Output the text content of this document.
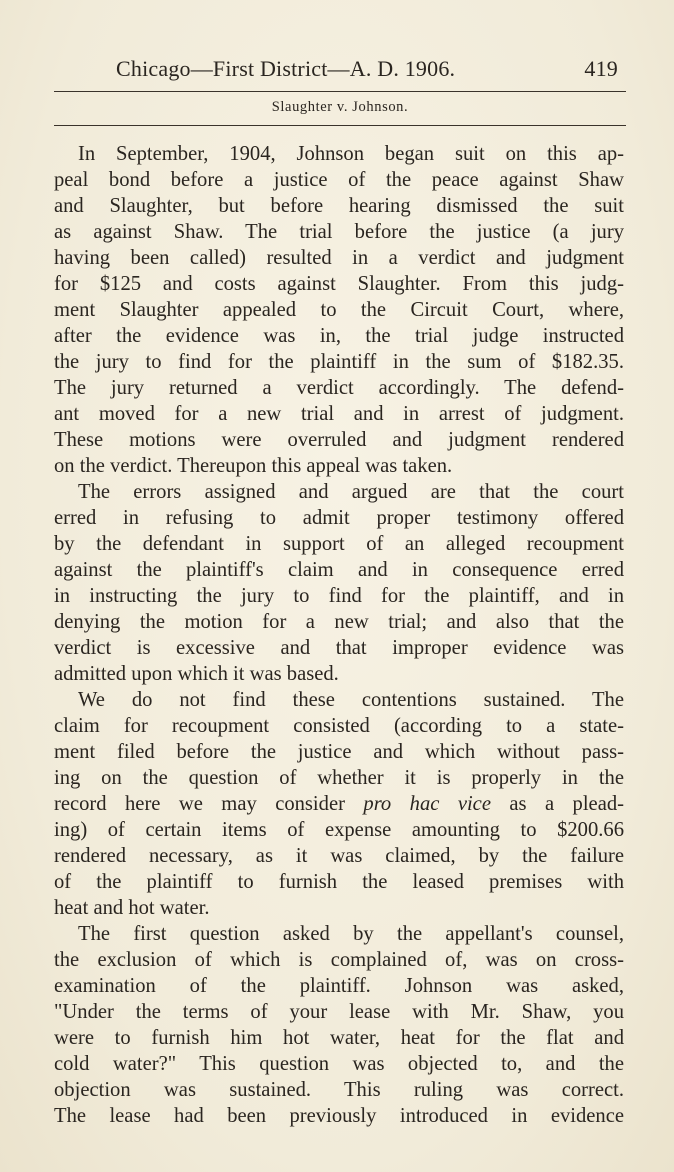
Chicago—First District—A. D. 1906.	419
Slaughter v. Johnson.
In September, 1904, Johnson began suit on this ap-
peal bond before a justice of the peace against Shaw
and Slaughter, but before hearing dismissed the suit
as against Shaw. The trial before the justice (a jury
having been called) resulted in a verdict and judgment
for $125 and costs against Slaughter. From this judg-
ment Slaughter appealed to the Circuit Court, where,
after the evidence was in, the trial judge instructed
the jury to find for the plaintiff in the sum of $182.35.
The jury returned a verdict accordingly. The defend-
ant moved for a new trial and in arrest of judgment.
These motions were overruled and judgment rendered
on the verdict. Thereupon this appeal was taken.
The errors assigned and argued are that the court
erred in refusing to admit proper testimony offered
by the defendant in support of an alleged recoupment
against the plaintiff's claim and in consequence erred
in instructing the jury to find for the plaintiff, and in
denying the motion for a new trial; and also that the
verdict is excessive and that improper evidence was
admitted upon which it was based.
We do not find these contentions sustained. The
claim for recoupment consisted (according to a state-
ment filed before the justice and which without pass-
ing on the question of whether it is properly in the
record here we may consider pro hac vice as a plead-
ing) of certain items of expense amounting to $200.66
rendered necessary, as it was claimed, by the failure
of the plaintiff to furnish the leased premises with
heat and hot water.
The first question asked by the appellant's counsel,
the exclusion of which is complained of, was on cross-
examination of the plaintiff. Johnson was asked,
"Under the terms of your lease with Mr. Shaw, you
were to furnish him hot water, heat for the flat and
cold water?" This question was objected to, and the
objection was sustained. This ruling was correct.
The lease had been previously introduced in evidence
